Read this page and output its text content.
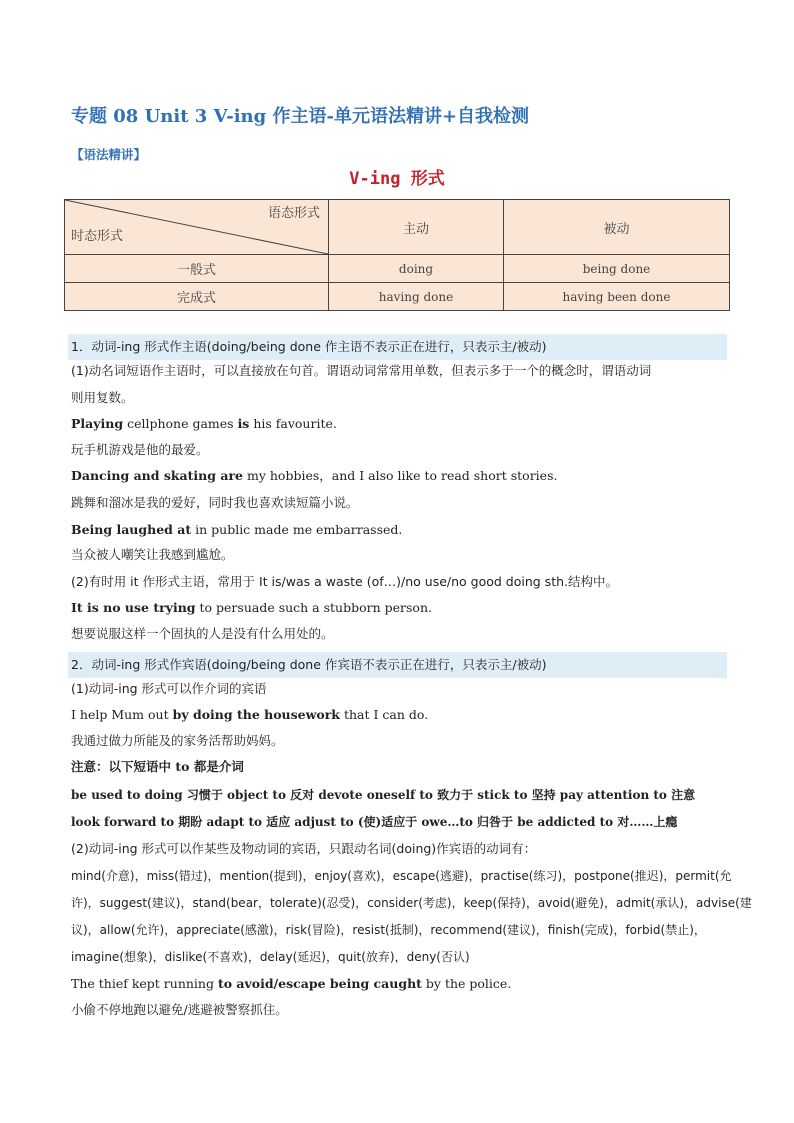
专题 08 Unit 3 V-ing 作主语-单元语法精讲+自我检测
【语法精讲】
V-ing 形式
语态形式
时态形式	主动	被动
一般式	doing	being done
完成式	having done	having been done
1．动词-ing 形式作主语(doing/being done 作主语不表示正在进行，只表示主/被动)
(1)动名词短语作主语时，可以直接放在句首。谓语动词常常用单数，但表示多于一个的概念时，谓语动词
则用复数。
Playing cellphone games is his favourite.
玩手机游戏是他的最爱。
Dancing and skating are my hobbies，and I also like to read short stories.
跳舞和溜冰是我的爱好，同时我也喜欢读短篇小说。
Being laughed at in public made me embarrassed.
当众被人嘲笑让我感到尴尬。
(2)有时用 it 作形式主语，常用于 It is/was a waste (of…)/no use/no good doing sth.结构中。
It is no use trying to persuade such a stubborn person.
想要说服这样一个固执的人是没有什么用处的。
2．动词-ing 形式作宾语(doing/being done 作宾语不表示正在进行，只表示主/被动)
(1)动词-ing 形式可以作介词的宾语
I help Mum out by doing the housework that I can do.
我通过做力所能及的家务活帮助妈妈。
注意：以下短语中 to 都是介词
be used to doing 习惯于 object to 反对 devote oneself to 致力于 stick to 坚持 pay attention to 注意
look forward to 期盼 adapt to 适应 adjust to (使)适应于 owe…to 归咎于 be addicted to 对……上瘾
(2)动词-ing 形式可以作某些及物动词的宾语，只跟动名词(doing)作宾语的动词有：
mind(介意)，miss(错过)，mention(提到)，enjoy(喜欢)，escape(逃避)，practise(练习)，postpone(推迟)，permit(允
许)，suggest(建议)，stand(bear，tolerate)(忍受)，consider(考虑)，keep(保持)，avoid(避免)，admit(承认)，advise(建
议)，allow(允许)，appreciate(感激)，risk(冒险)，resist(抵制)，recommend(建议)，finish(完成)，forbid(禁止)，
imagine(想象)，dislike(不喜欢)，delay(延迟)，quit(放弃)，deny(否认)
The thief kept running to avoid/escape being caught by the police.
小偷不停地跑以避免/逃避被警察抓住。
